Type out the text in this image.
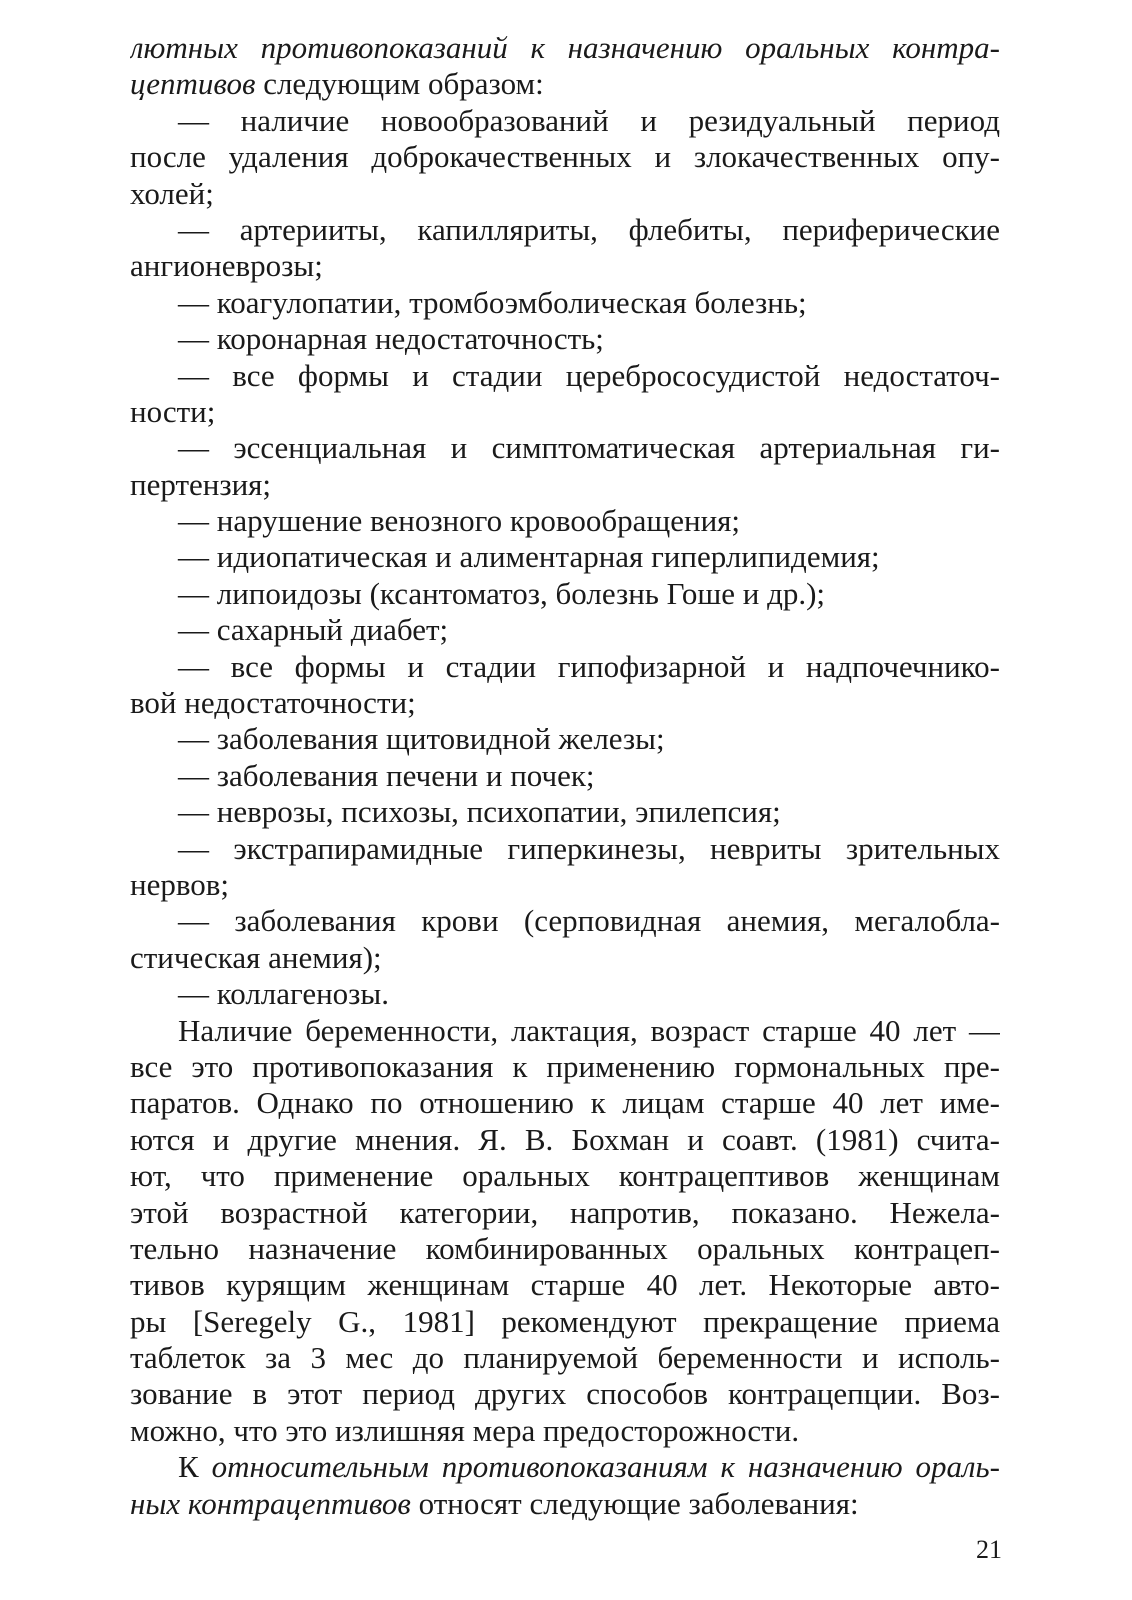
лютных противопоказаний к назначению оральных контра-
цептивов следующим образом:
— наличие новообразований и резидуальный период
после удаления доброкачественных и злокачественных опу-
холей;
— артерииты, капилляриты, флебиты, периферические
ангионеврозы;
— коагулопатии, тромбоэмболическая болезнь;
— коронарная недостаточность;
— все формы и стадии цереброcосудистой недостаточ-
ности;
— эссенциальная и симптоматическая артериальная ги-
пертензия;
— нарушение венозного кровообращения;
— идиопатическая и алиментарная гиперлипидемия;
— липоидозы (ксантоматоз, болезнь Гоше и др.);
— сахарный диабет;
— все формы и стадии гипофизарной и надпочечнико-
вой недостаточности;
— заболевания щитовидной железы;
— заболевания печени и почек;
— неврозы, психозы, психопатии, эпилепсия;
— экстрапирамидные гиперкинезы, невриты зрительных
нервов;
— заболевания крови (серповидная анемия, мегалобла-
стическая анемия);
— коллагенозы.
Наличие беременности, лактация, возраст старше 40 лет —
все это противопоказания к применению гормональных пре-
паратов. Однако по отношению к лицам старше 40 лет име-
ются и другие мнения. Я. В. Бохман и соавт. (1981) счита-
ют, что применение оральных контрацептивов женщинам
этой возрастной категории, напротив, показано. Нежела-
тельно назначение комбинированных оральных контрацеп-
тивов курящим женщинам старше 40 лет. Некоторые авто-
ры [Seregely G., 1981] рекомендуют прекращение приема
таблеток за 3 мес до планируемой беременности и исполь-
зование в этот период других способов контрацепции. Воз-
можно, что это излишняя мера предосторожности.
К относительным противопоказаниям к назначению ораль-
ных контрацептивов относят следующие заболевания:
21
